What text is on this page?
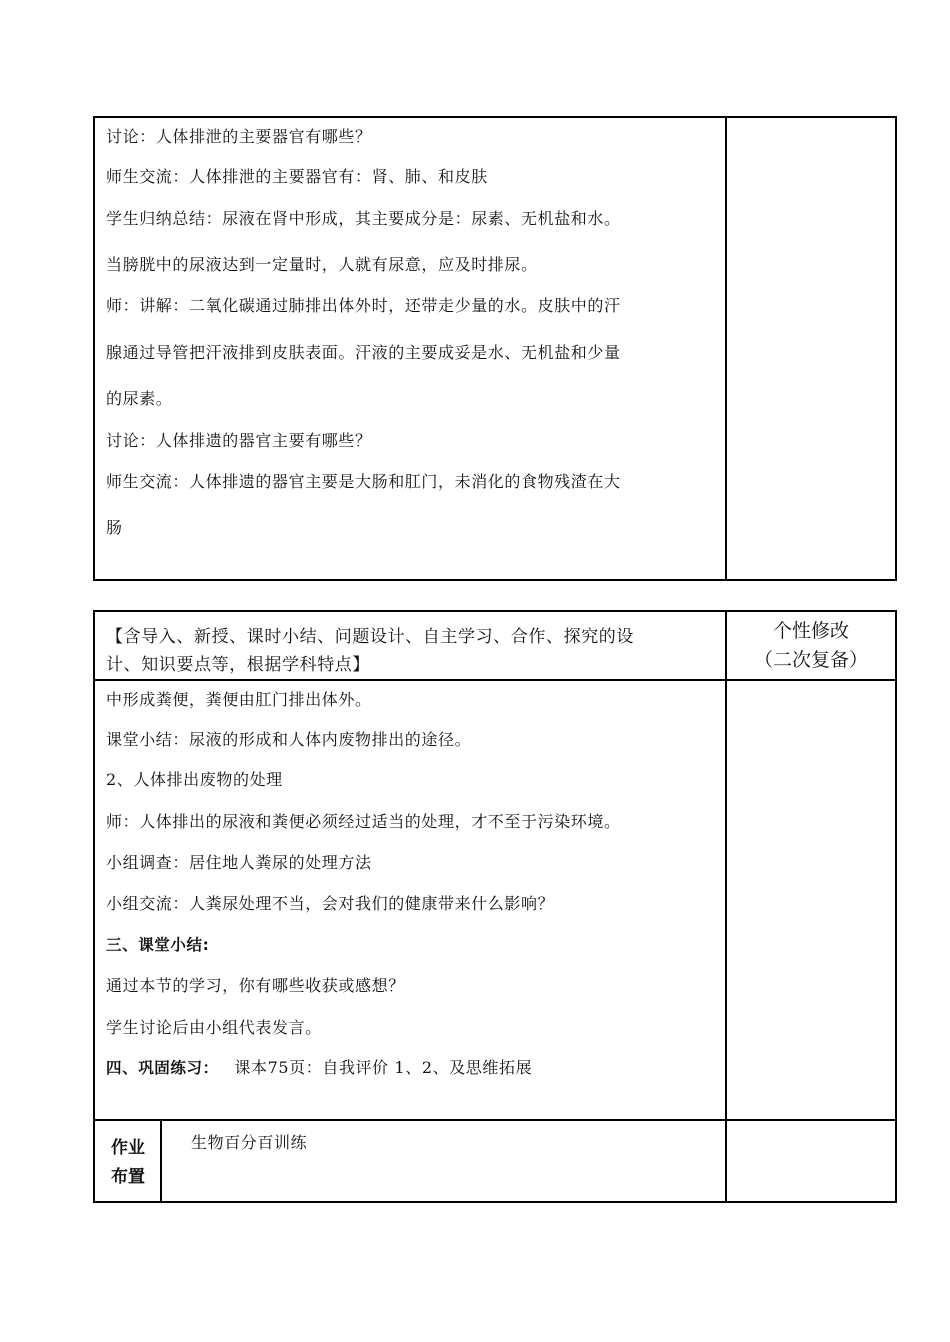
讨论：人体排泄的主要器官有哪些？
师生交流：人体排泄的主要器官有：肾、肺、和皮肤
学生归纳总结：尿液在肾中形成，其主要成分是：尿素、无机盐和水。
当膀胱中的尿液达到一定量时，人就有尿意，应及时排尿。
师：讲解：二氧化碳通过肺排出体外时，还带走少量的水。皮肤中的汗
腺通过导管把汗液排到皮肤表面。汗液的主要成妥是水、无机盐和少量
的尿素。
讨论：人体排遗的器官主要有哪些？
师生交流：人体排遗的器官主要是大肠和肛门，未消化的食物残渣在大
肠
【含导入、新授、课时小结、问题设计、自主学习、合作、探究的设
计、知识要点等，根据学科特点】
个性修改
（二次复备）
中形成粪便，粪便由肛门排出体外。
课堂小结：尿液的形成和人体内废物排出的途径。
2、人体排出废物的处理
师：人体排出的尿液和粪便必须经过适当的处理，才不至于污染环境。
小组调查：居住地人粪尿的处理方法
小组交流：人粪尿处理不当，会对我们的健康带来什么影响？
三、课堂小结:
通过本节的学习，你有哪些收获或感想？
学生讨论后由小组代表发言。
四、巩固练习： 课本75页：自我评价 1、2、及思维拓展
作业
布置
生物百分百训练
